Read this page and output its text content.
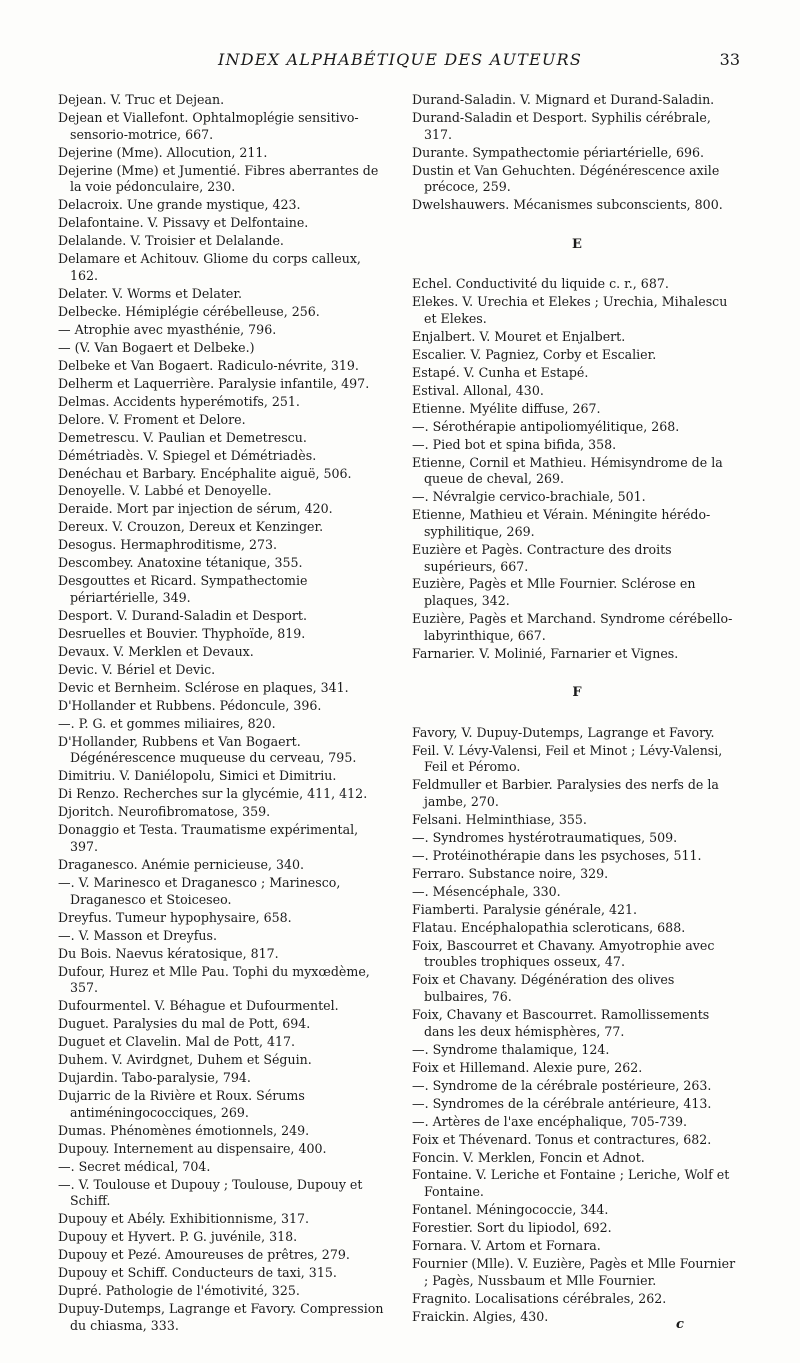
INDEX ALPHABÉTIQUE DES AUTEURS	33

Dejean. V. Truc et Dejean.

Dejean et Viallefont. Ophtalmoplégie sensitivo-sensorio-motrice, 667.

Dejerine (Mme). Allocution, 211.

Dejerine (Mme) et Jumentié. Fibres aberrantes de la voie pédonculaire, 230.

Delacroix. Une grande mystique, 423.

Delafontaine. V. Pissavy et Delfontaine.

Delalande. V. Troisier et Delalande.

Delamare et Achitouv. Gliome du corps calleux, 162.

Delater. V. Worms et Delater.

Delbecke. Hémiplégie cérébelleuse, 256.

— Atrophie avec myasthénie, 796.

— (V. Van Bogaert et Delbeke.)

Delbeke et Van Bogaert. Radiculo-névrite, 319.

Delherm et Laquerrière. Paralysie infantile, 497.

Delmas. Accidents hyperémotifs, 251.

Delore. V. Froment et Delore.

Demetrescu. V. Paulian et Demetrescu.

Démétriadès. V. Spiegel et Démétriadès.

Denéchau et Barbary. Encéphalite aiguë, 506.

Denoyelle. V. Labbé et Denoyelle.

Deraide. Mort par injection de sérum, 420.

Dereux. V. Crouzon, Dereux et Kenzinger.

Desogus. Hermaphroditisme, 273.

Descombey. Anatoxine tétanique, 355.

Desgouttes et Ricard. Sympathectomie périartérielle, 349.

Desport. V. Durand-Saladin et Desport.

Desruelles et Bouvier. Thyphoïde, 819.

Devaux. V. Merklen et Devaux.

Devic. V. Bériel et Devic.

Devic et Bernheim. Sclérose en plaques, 341.

D'Hollander et Rubbens. Pédoncule, 396.

—. P. G. et gommes miliaires, 820.

D'Hollander, Rubbens et Van Bogaert. Dégénérescence muqueuse du cerveau, 795.

Dimitriu. V. Daniélopolu, Simici et Dimitriu.

Di Renzo. Recherches sur la glycémie, 411, 412.

Djoritch. Neurofibromatose, 359.

Donaggio et Testa. Traumatisme expérimental, 397.

Draganesco. Anémie pernicieuse, 340.

—. V. Marinesco et Draganesco ; Marinesco, Draganesco et Stoiceseo.

Dreyfus. Tumeur hypophysaire, 658.

—. V. Masson et Dreyfus.

Du Bois. Naevus kératosique, 817.

Dufour, Hurez et Mlle Pau. Tophi du myxœdème, 357.

Dufourmentel. V. Béhague et Dufourmentel.

Duguet. Paralysies du mal de Pott, 694.

Duguet et Clavelin. Mal de Pott, 417.

Duhem. V. Avirdgnet, Duhem et Séguin.

Dujardin. Tabo-paralysie, 794.

Dujarric de la Rivière et Roux. Sérums antiméningococciques, 269.

Dumas. Phénomènes émotionnels, 249.

Dupouy. Internement au dispensaire, 400.

—. Secret médical, 704.

—. V. Toulouse et Dupouy ; Toulouse, Dupouy et Schiff.

Dupouy et Abély. Exhibitionnisme, 317.

Dupouy et Hyvert. P. G. juvénile, 318.

Dupouy et Pezé. Amoureuses de prêtres, 279.

Dupouy et Schiff. Conducteurs de taxi, 315.

Dupré. Pathologie de l'émotivité, 325.

Dupuy-Dutemps, Lagrange et Favory. Compression du chiasma, 333.

Durand-Saladin. V. Mignard et Durand-Saladin.

Durand-Saladin et Desport. Syphilis cérébrale, 317.

Durante. Sympathectomie périartérielle, 696.

Dustin et Van Gehuchten. Dégénérescence axile précoce, 259.

Dwelshauwers. Mécanismes subconscients, 800.

E

Echel. Conductivité du liquide c. r., 687.

Elekes. V. Urechia et Elekes ; Urechia, Mihalescu et Elekes.

Enjalbert. V. Mouret et Enjalbert.

Escalier. V. Pagniez, Corby et Escalier.

Estapé. V. Cunha et Estapé.

Estival. Allonal, 430.

Etienne. Myélite diffuse, 267.

—. Sérothérapie antipoliomyélitique, 268.

—. Pied bot et spina bifida, 358.

Etienne, Cornil et Mathieu. Hémisyndrome de la queue de cheval, 269.

—. Névralgie cervico-brachiale, 501.

Etienne, Mathieu et Vérain. Méningite hérédo-syphilitique, 269.

Euzière et Pagès. Contracture des droits supérieurs, 667.

Euzière, Pagès et Mlle Fournier. Sclérose en plaques, 342.

Euzière, Pagès et Marchand. Syndrome cérébello-labyrinthique, 667.

Farnarier. V. Molinié, Farnarier et Vignes.

F

Favory, V. Dupuy-Dutemps, Lagrange et Favory.

Feil. V. Lévy-Valensi, Feil et Minot ; Lévy-Valensi, Feil et Péromo.

Feldmuller et Barbier. Paralysies des nerfs de la jambe, 270.

Felsani. Helminthiase, 355.

—. Syndromes hystérotraumatiques, 509.

—. Protéinothérapie dans les psychoses, 511.

Ferraro. Substance noire, 329.

—. Mésencéphale, 330.

Fiamberti. Paralysie générale, 421.

Flatau. Encéphalopathia scleroticans, 688.

Foix, Bascourret et Chavany. Amyotrophie avec troubles trophiques osseux, 47.

Foix et Chavany. Dégénération des olives bulbaires, 76.

Foix, Chavany et Bascourret. Ramollissements dans les deux hémisphères, 77.

—. Syndrome thalamique, 124.

Foix et Hillemand. Alexie pure, 262.

—. Syndrome de la cérébrale postérieure, 263.

—. Syndromes de la cérébrale antérieure, 413.

—. Artères de l'axe encéphalique, 705-739.

Foix et Thévenard. Tonus et contractures, 682.

Foncin. V. Merklen, Foncin et Adnot.

Fontaine. V. Leriche et Fontaine ; Leriche, Wolf et Fontaine.

Fontanel. Méningococcie, 344.

Forestier. Sort du lipiodol, 692.

Fornara. V. Artom et Fornara.

Fournier (Mlle). V. Euzière, Pagès et Mlle Fournier ; Pagès, Nussbaum et Mlle Fournier.

Fragnito. Localisations cérébrales, 262.

Fraickin. Algies, 430.

c
